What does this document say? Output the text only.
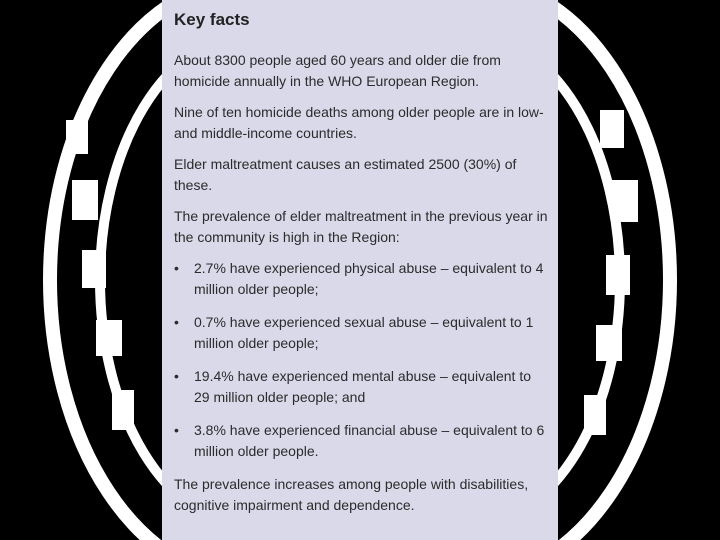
Key facts

About 8300 people aged 60 years and older die from homicide annually in the WHO European Region.

Nine of ten homicide deaths among older people are in low- and middle-income countries.

Elder maltreatment causes an estimated 2500 (30%) of these.

The prevalence of elder maltreatment in the previous year in the community is high in the Region:

• 2.7% have experienced physical abuse – equivalent to 4 million older people;
• 0.7% have experienced sexual abuse – equivalent to 1 million older people;
• 19.4% have experienced mental abuse – equivalent to 29 million older people; and
• 3.8% have experienced financial abuse – equivalent to 6 million older people.

The prevalence increases among people with disabilities, cognitive impairment and dependence.
